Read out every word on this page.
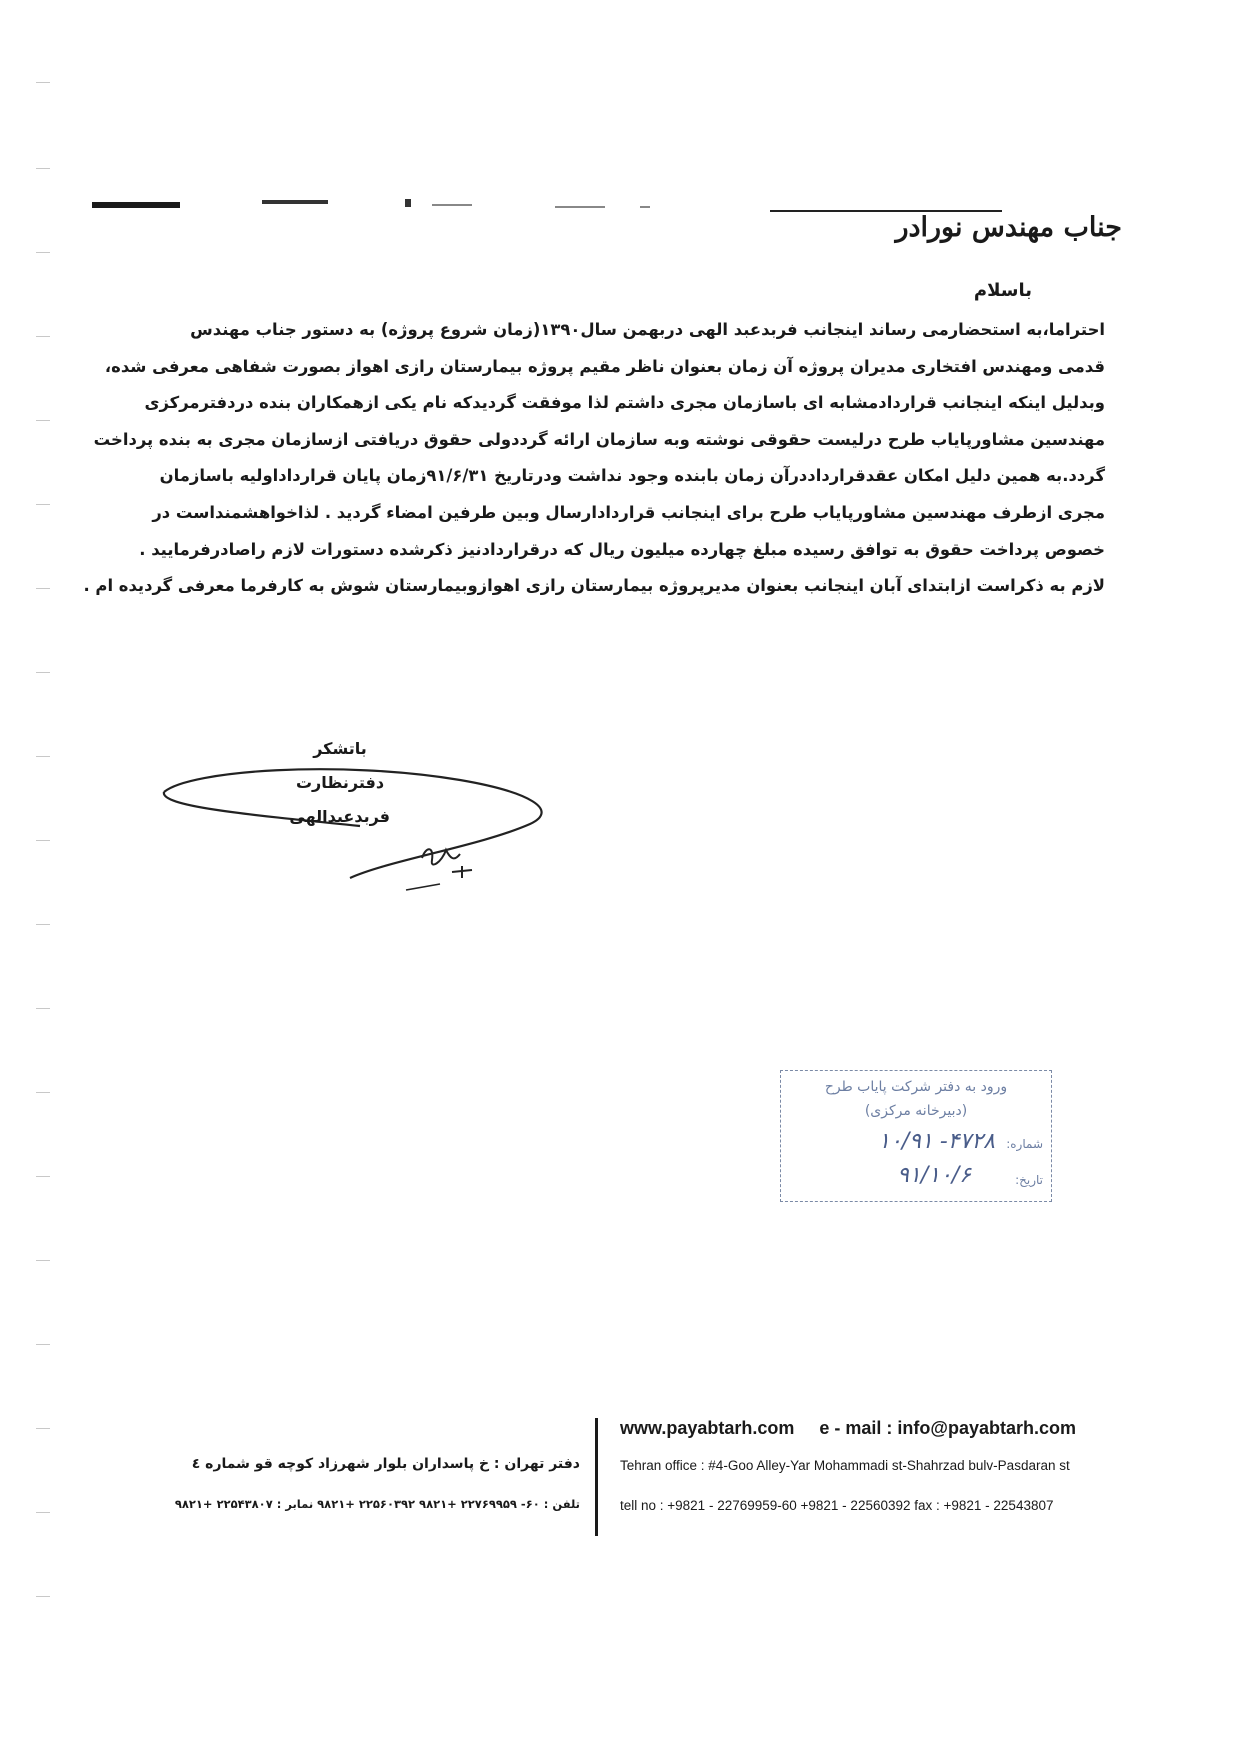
جناب مهندس نورادر
باسلام

احتراما،به استحضارمی رساند اینجانب فربدعبد الهی دربهمن سال۱۳۹۰(زمان شروع پروژه) به دستور جناب مهندس

قدمی ومهندس افتخاری مدیران پروژه آن زمان بعنوان ناظر مقیم پروژه بیمارستان رازی اهواز بصورت شفاهی معرفی شده،

وبدلیل اینکه اینجانب قراردادمشابه ای باسازمان مجری داشتم لذا موفقت گردیدکه نام یکی ازهمکاران بنده دردفترمرکزی

مهندسین مشاورپایاب طرح درلیست حقوقی نوشته وبه سازمان ارائه گرددولی حقوق دریافتی ازسازمان مجری به بنده پرداخت

گردد.به همین دلیل امکان عقدقرارداددرآن زمان بابنده وجود نداشت ودرتاریخ ۹۱/۶/۳۱زمان پایان قرارداداولیه باسازمان

مجری ازطرف مهندسین مشاورپایاب طرح برای اینجانب قراردادارسال وبین طرفین امضاء گردید . لذاخواهشمنداست در

خصوص پرداخت حقوق به توافق رسیده مبلغ چهارده میلیون ریال که درقراردادنیز ذکرشده دستورات لازم راصادرفرمایید .

لازم به ذکراست ازابتدای آبان اینجانب بعنوان مدیرپروژه بیمارستان رازی اهوازوبیمارستان شوش به کارفرما معرفی گردیده ام .

باتشکر
دفترنظارت
فربدعبدالهی
ورود به دفتر شرکت پایاب طرح
(دبیرخانه مرکزی)
شماره:
۱۰/۹۱ -۴۷۲۸
تاریخ:
۹۱/۱۰/۶
www.payabtarh.com e - mail : info@payabtarh.com
Tehran office : #4-Goo Alley-Yar Mohammadi st-Shahrzad bulv-Pasdaran st
tell no : +9821 - 22769959-60 +9821 - 22560392 fax : +9821 - 22543807
دفتر تهران : خ پاسداران بلوار شهرزاد کوچه قو شماره ٤
تلفن : ۶۰- ۲۲۷۶۹۹۵۹ +۹۸۲۱ ۲۲۵۶۰۳۹۲ +۹۸۲۱ نمابر : ۲۲۵۴۳۸۰۷ +۹۸۲۱
